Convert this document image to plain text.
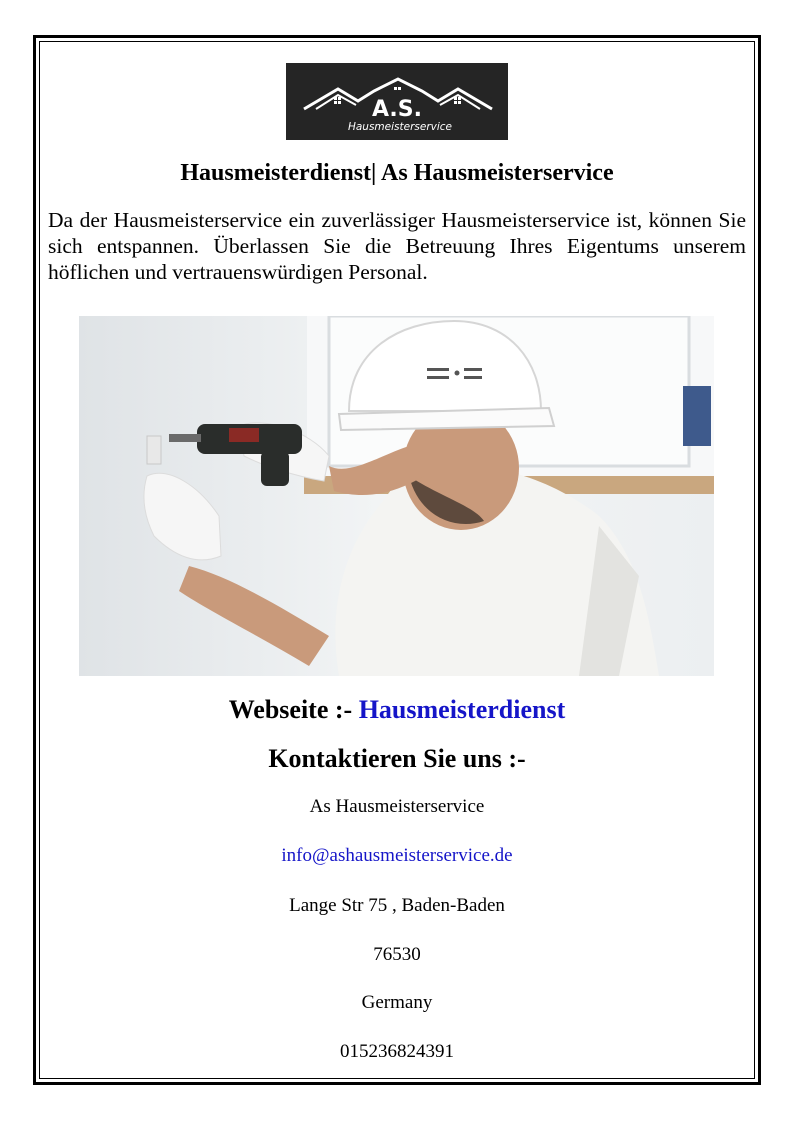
A.S.
Hausmeisterservice
Hausmeisterdienst| As Hausmeisterservice

Da der Hausmeisterservice ein zuverlässiger Hausmeisterservice ist, können Sie sich entspannen. Überlassen Sie die Betreuung Ihres Eigentums unserem höflichen und vertrauenswürdigen Personal.

Webseite :- Hausmeisterdienst

Kontaktieren Sie uns :-

As Hausmeisterservice

info@ashausmeisterservice.de

Lange Str 75 , Baden-Baden

76530

Germany

015236824391
